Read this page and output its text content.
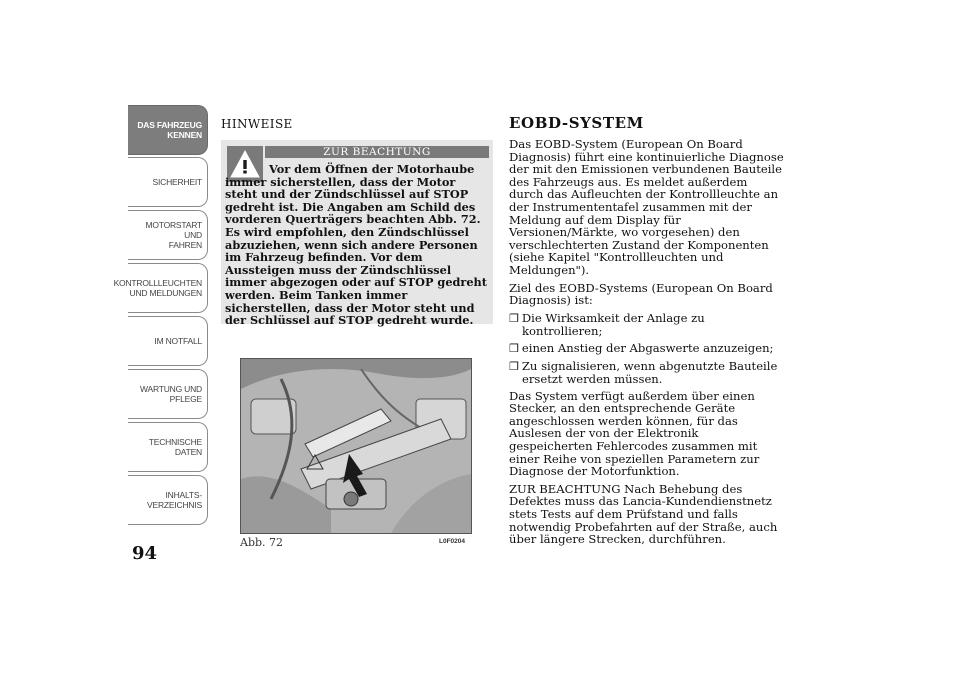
DAS FAHRZEUG
KENNEN
SICHERHEIT
MOTORSTART UND
FAHREN
KONTROLLLEUCHTEN
UND MELDUNGEN
IM NOTFALL
WARTUNG UND
PFLEGE
TECHNISCHE
DATEN
INHALTS-
VERZEICHNIS
94
HINWEISE
ZUR BEACHTUNG
Vor dem Öffnen der Motorhaube immer sicherstellen, dass der Motor steht und der Zündschlüssel auf STOP gedreht ist. Die Angaben am Schild des vorderen Querträgers beachten Abb. 72. Es wird empfohlen, den Zündschlüssel abzuziehen, wenn sich andere Personen im Fahrzeug befinden. Vor dem Aussteigen muss der Zündschlüssel immer abgezogen oder auf STOP gedreht werden. Beim Tanken immer sicherstellen, dass der Motor steht und der Schlüssel auf STOP gedreht wurde.
Abb. 72	L0F0204
EOBD-SYSTEM

Das EOBD-System (European On Board Diagnosis) führt eine kontinuierliche Diagnose der mit den Emissionen verbundenen Bauteile des Fahrzeugs aus. Es meldet außerdem durch das Aufleuchten der Kontrollleuchte an der Instrumententafel zusammen mit der Meldung auf dem Display für Versionen/Märkte, wo vorgesehen) den verschlechterten Zustand der Komponenten (siehe Kapitel "Kontrollleuchten und Meldungen").

Ziel des EOBD-Systems (European On Board Diagnosis) ist:

❒ Die Wirksamkeit der Anlage zu kontrollieren;
❒ einen Anstieg der Abgaswerte anzuzeigen;
❒ Zu signalisieren, wenn abgenutzte Bauteile ersetzt werden müssen.

Das System verfügt außerdem über einen Stecker, an den entsprechende Geräte angeschlossen werden können, für das Auslesen der von der Elektronik gespeicherten Fehlercodes zusammen mit einer Reihe von speziellen Parametern zur Diagnose der Motorfunktion.

ZUR BEACHTUNG Nach Behebung des Defektes muss das Lancia-Kundendienstnetz stets Tests auf dem Prüfstand und falls notwendig Probefahrten auf der Straße, auch über längere Strecken, durchführen.
